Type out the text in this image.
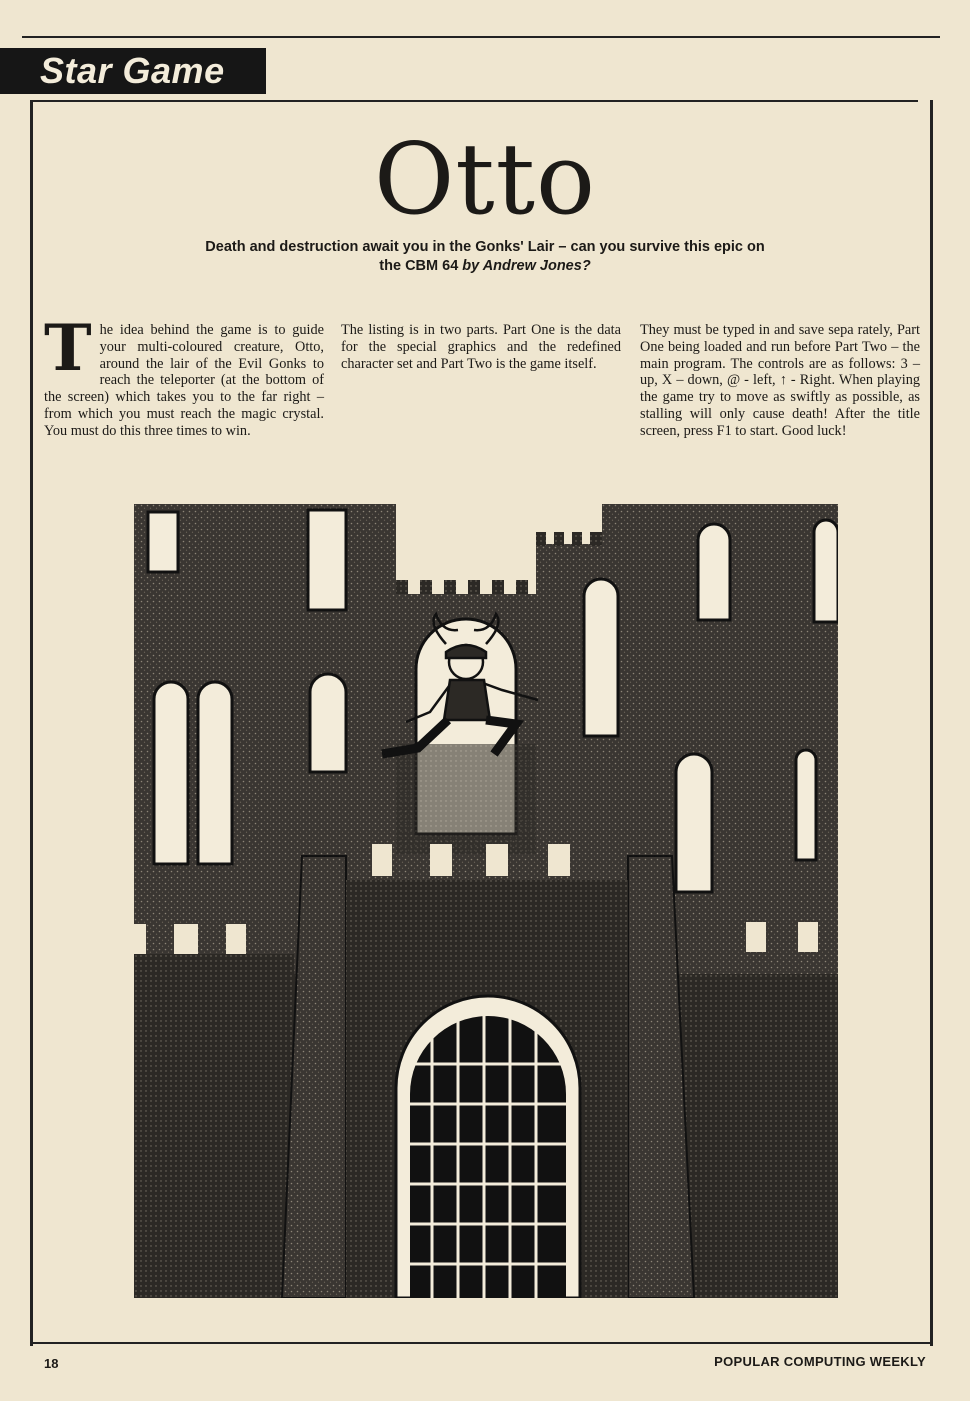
Star Game
Otto
Death and destruction await you in the Gonks' Lair – can you survive this epic on the CBM 64 by Andrew Jones?

The idea behind the game is to guide your multi-coloured creature, Otto, around the lair of the Evil Gonks to reach the teleporter (at the bottom of the screen) which takes you to the far right – from which you must reach the magic crystal. You must do this three times to win.

The listing is in two parts. Part One is the data for the special graphics and the redefined character set and Part Two is the game itself.

They must be typed in and save sepa rately, Part One being loaded and run before Part Two – the main program. The controls are as follows: 3 – up, X – down, @ - left, ↑ - Right. When playing the game try to move as swiftly as possible, as stalling will only cause death! After the title screen, press F1 to start. Good luck!

18	POPULAR COMPUTING WEEKLY
